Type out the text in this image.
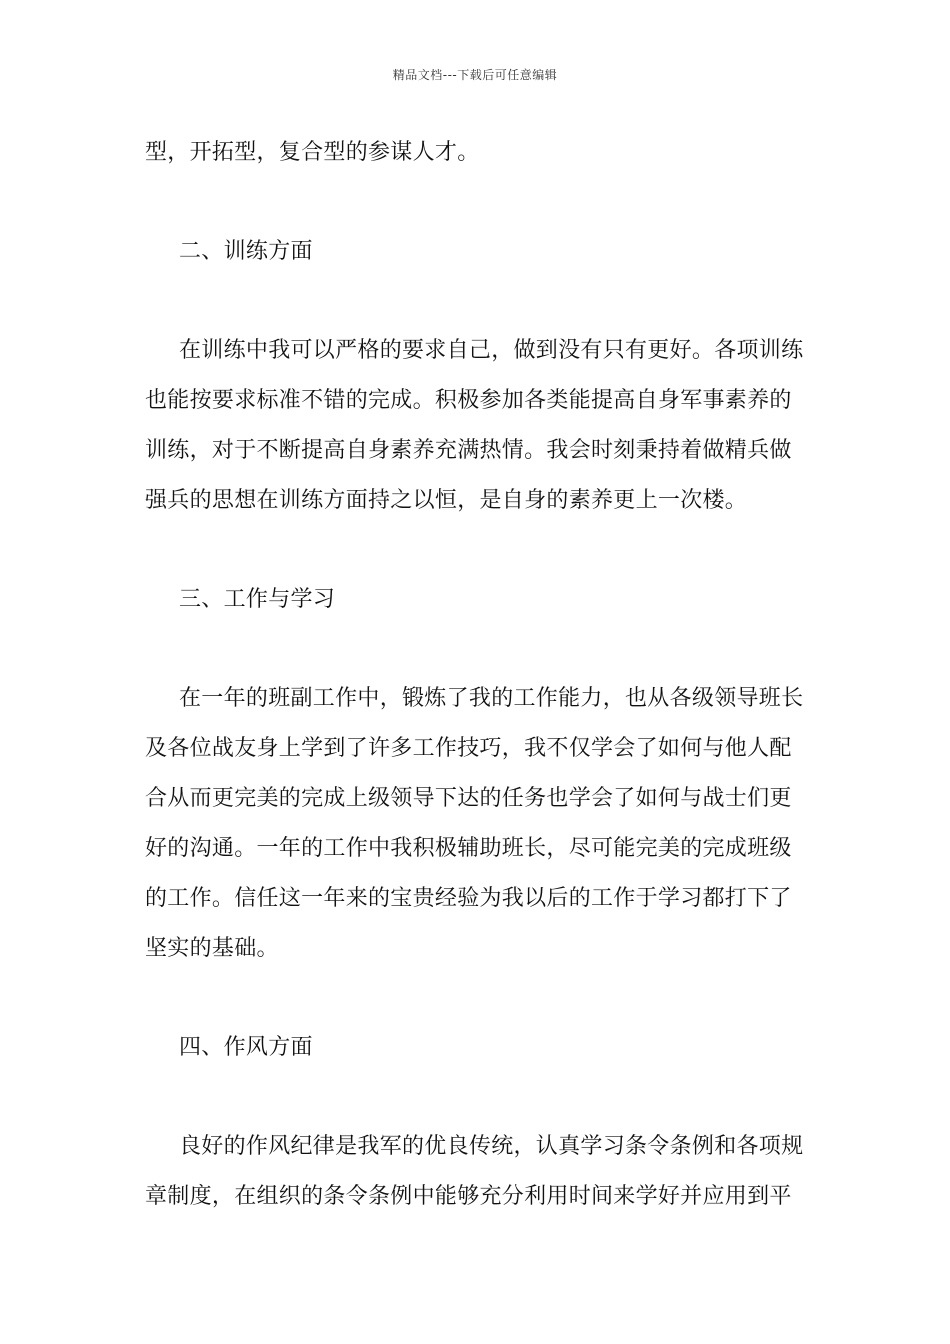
精品文档---下载后可任意编辑
型，开拓型，复合型的参谋人才。
二、训练方面
在训练中我可以严格的要求自己，做到没有只有更好。各项训练
也能按要求标准不错的完成。积极参加各类能提高自身军事素养的
训练，对于不断提高自身素养充满热情。我会时刻秉持着做精兵做
强兵的思想在训练方面持之以恒，是自身的素养更上一次楼。
三、工作与学习
在一年的班副工作中，锻炼了我的工作能力，也从各级领导班长
及各位战友身上学到了许多工作技巧，我不仅学会了如何与他人配
合从而更完美的完成上级领导下达的任务也学会了如何与战士们更
好的沟通。一年的工作中我积极辅助班长，尽可能完美的完成班级
的工作。信任这一年来的宝贵经验为我以后的工作于学习都打下了
坚实的基础。
四、作风方面
良好的作风纪律是我军的优良传统，认真学习条令条例和各项规
章制度，在组织的条令条例中能够充分利用时间来学好并应用到平
